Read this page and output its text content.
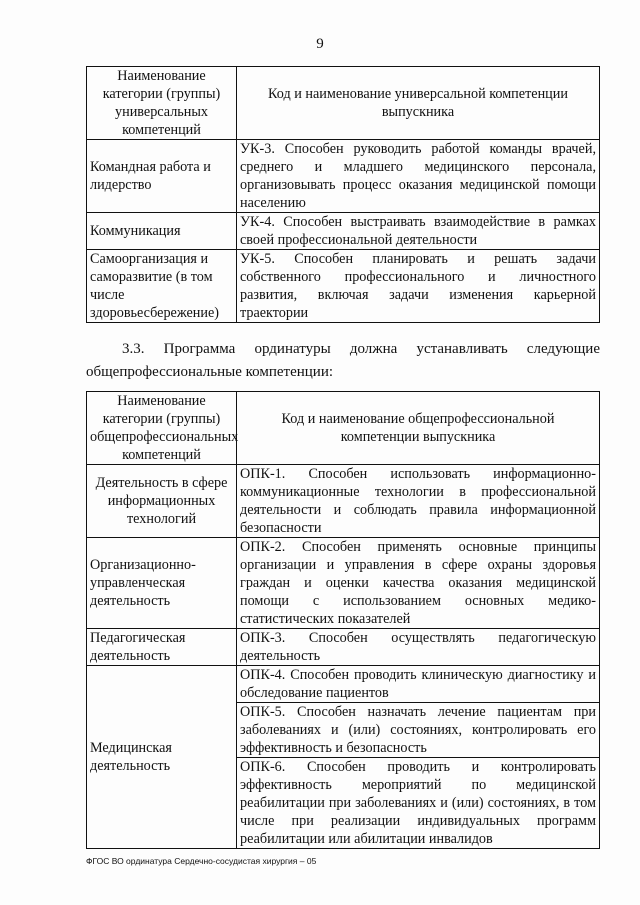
9
Наименование категории (группы) универсальных компетенций	Код и наименование универсальной компетенции выпускника
Командная работа и лидерство	УК-3. Способен руководить работой команды врачей, среднего и младшего медицинского персонала, организовывать процесс оказания медицинской помощи населению
Коммуникация	УК-4. Способен выстраивать взаимодействие в рамках своей профессиональной деятельности
Самоорганизация и саморазвитие (в том числе здоровьесбережение)	УК-5. Способен планировать и решать задачи собственного профессионального и личностного развития, включая задачи изменения карьерной траектории
3.3. Программа ординатуры должна устанавливать следующие
общепрофессиональные компетенции:
Наименование категории (группы) общепрофессиональных компетенций	Код и наименование общепрофессиональной компетенции выпускника
Деятельность в сфере информационных технологий	ОПК-1. Способен использовать информационно-коммуникационные технологии в профессиональной деятельности и соблюдать правила информационной безопасности
Организационно-управленческая деятельность	ОПК-2. Способен применять основные принципы организации и управления в сфере охраны здоровья граждан и оценки качества оказания медицинской помощи с использованием основных медико-статистических показателей
Педагогическая деятельность	ОПК-3. Способен осуществлять педагогическую деятельность
Медицинская деятельность	ОПК-4. Способен проводить клиническую диагностику и обследование пациентов
	ОПК-5. Способен назначать лечение пациентам при заболеваниях и (или) состояниях, контролировать его эффективность и безопасность
	ОПК-6. Способен проводить и контролировать эффективность мероприятий по медицинской реабилитации при заболеваниях и (или) состояниях, в том числе при реализации индивидуальных программ реабилитации или абилитации инвалидов
ФГОС ВО ординатура Сердечно-сосудистая хирургия – 05
